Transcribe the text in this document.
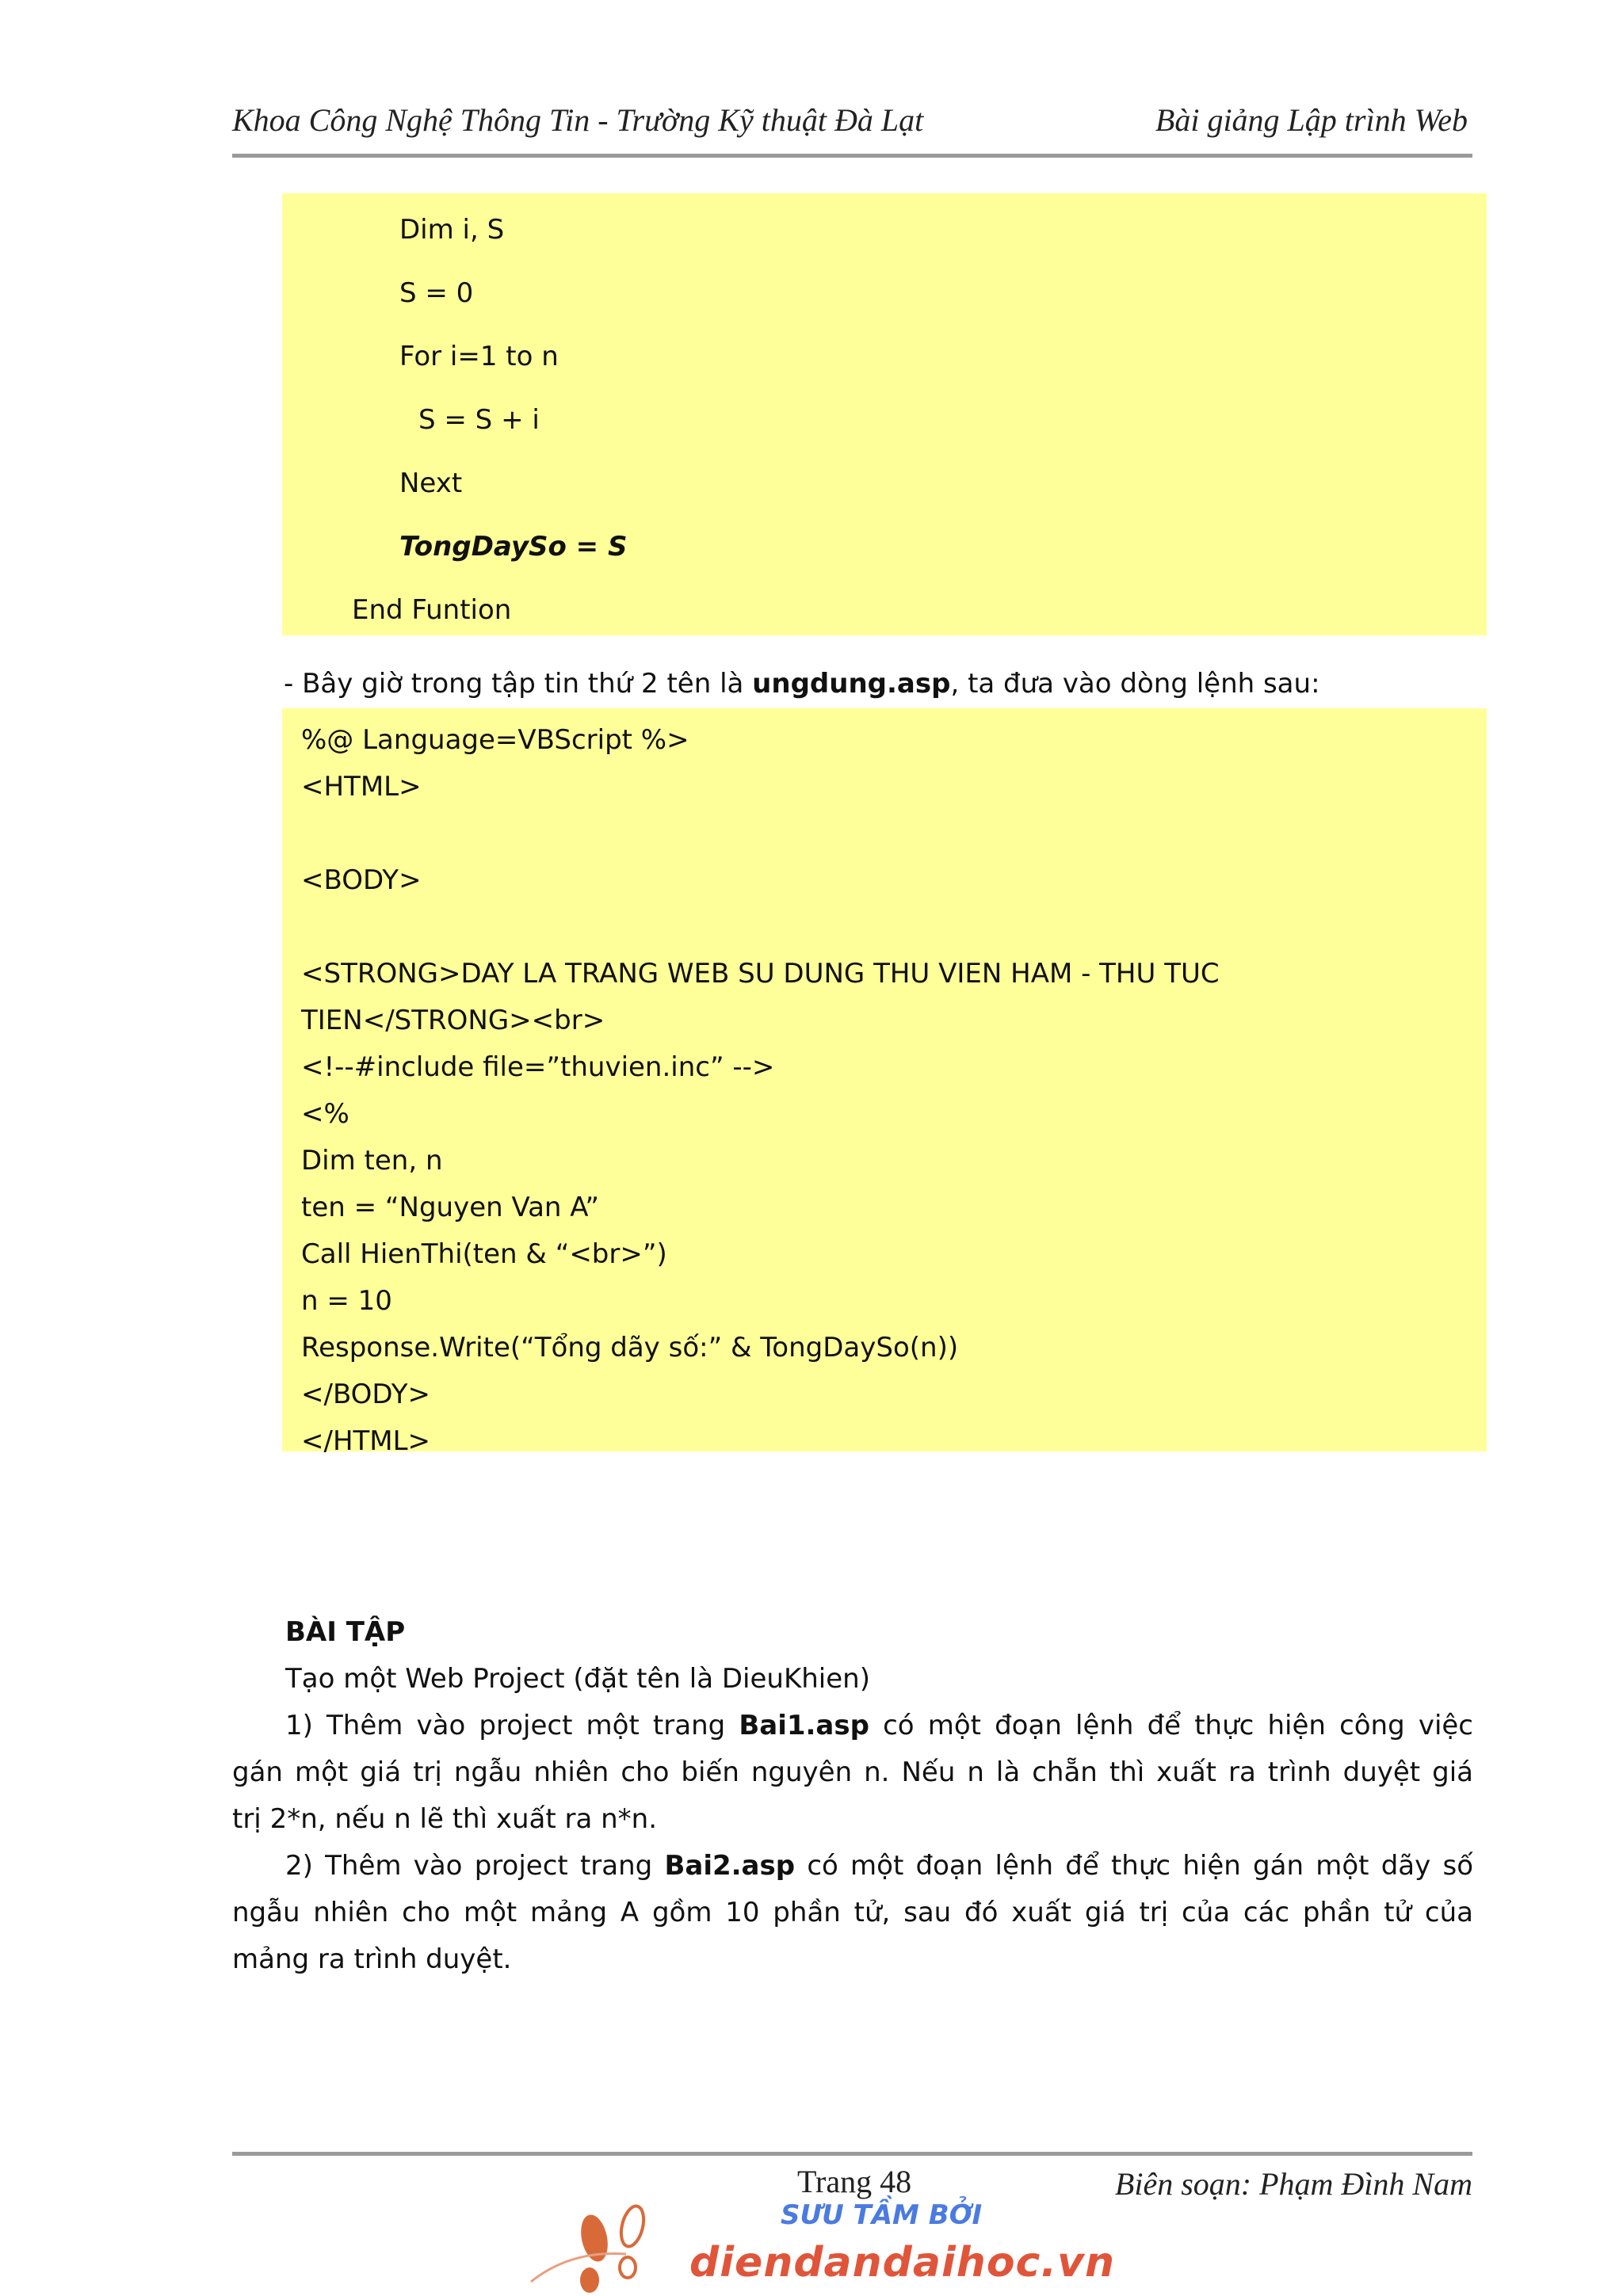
Khoa Công Nghệ Thông Tin - Trường Kỹ thuật Đà Lạt	Bài giảng Lập trình Web
Dim i, S
S = 0
For i=1 to n
S = S + i
Next
TongDaySo = S
End Funtion
- Bây giờ trong tập tin thứ 2 tên là ungdung.asp, ta đưa vào dòng lệnh sau:
%@ Language=VBScript %>
<HTML>
<BODY>
<STRONG>DAY LA TRANG WEB SU DUNG THU VIEN HAM - THU TUC
TIEN</STRONG><br>
<!--#include file=”thuvien.inc” -->
<%
Dim ten, n
ten = “Nguyen Van A”
Call HienThi(ten & “<br>”)
n = 10
Response.Write(“Tổng dãy số:” & TongDaySo(n))
</BODY>
</HTML>
BÀI TẬP
Tạo một Web Project (đặt tên là DieuKhien)
1) Thêm vào project một trang Bai1.asp có một đoạn lệnh để thực hiện công việc
gán một giá trị ngẫu nhiên cho biến nguyên n. Nếu n là chẵn thì xuất ra trình duyệt giá
trị 2*n, nếu n lẽ thì xuất ra n*n.
2) Thêm vào project trang Bai2.asp có một đoạn lệnh để thực hiện gán một dãy số
ngẫu nhiên cho một mảng A gồm 10 phần tử, sau đó xuất giá trị của các phần tử của
mảng ra trình duyệt.
Trang 48	Biên soạn: Phạm Đình Nam
SƯU TẦM BỞI
diendandaihoc.vn
